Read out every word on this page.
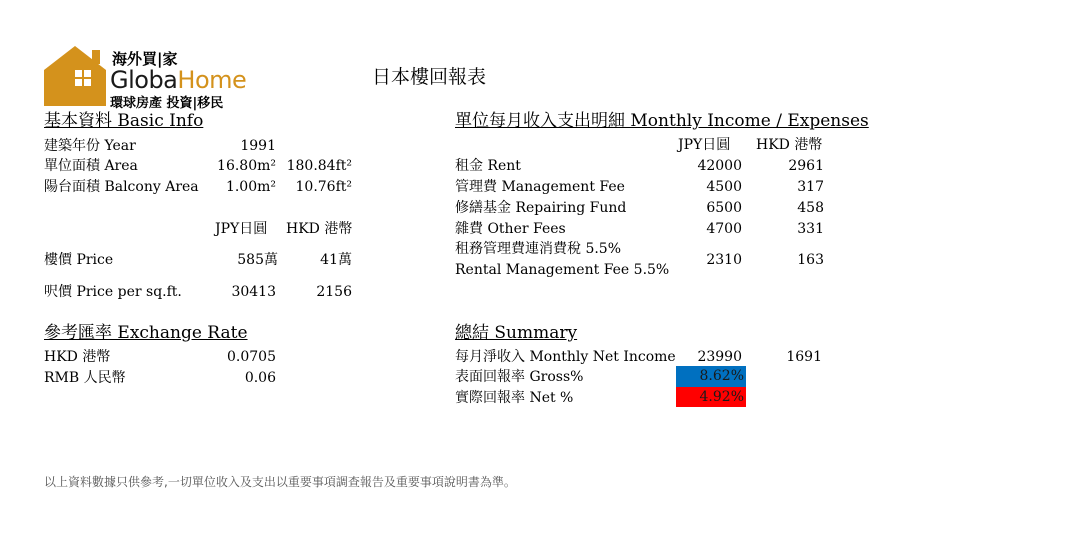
海外買|家
GlobaHome
環球房產 投資|移民
日本樓回報表
基本資料 Basic Info
建築年份 Year	1991
單位面積 Area	16.80m² 180.84ft²
陽台面積 Balcony Area	1.00m²	10.76ft²
JPY日圓 HKD 港幣
樓價 Price	585萬	41萬
呎價 Price per sq.ft.	30413	2156
參考匯率 Exchange Rate
HKD 港幣	0.0705
RMB 人民幣	0.06
單位每月收入支出明細 Monthly Income / Expenses
JPY日圓 HKD 港幣
租金 Rent	42000	2961
管理費 Management Fee	4500	317
修繕基金 Repairing Fund	6500	458
雜費 Other Fees	4700	331
租務管理費連消費稅 5.5%
Rental Management Fee 5.5%
2310	163
總結 Summary
每月淨收入 Monthly Net Income	23990	1691
表面回報率 Gross%	8.62%
實際回報率 Net %	4.92%
以上資料數據只供參考,一切單位收入及支出以重要事項調查報告及重要事項說明書為準。
